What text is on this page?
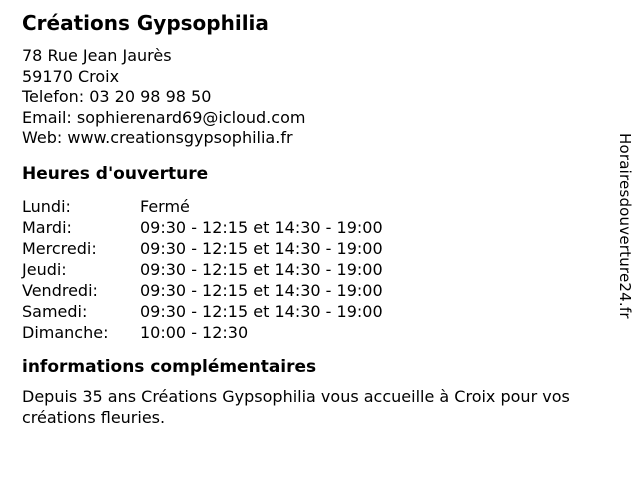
Créations Gypsophilia
78 Rue Jean Jaurès
59170 Croix
Telefon: 03 20 98 98 50
Email: sophierenard69@icloud.com
Web: www.creationsgypsophilia.fr
Heures d'ouverture
Lundi:	Fermé
Mardi:	09:30 - 12:15 et 14:30 - 19:00
Mercredi:	09:30 - 12:15 et 14:30 - 19:00
Jeudi:	09:30 - 12:15 et 14:30 - 19:00
Vendredi:	09:30 - 12:15 et 14:30 - 19:00
Samedi:	09:30 - 12:15 et 14:30 - 19:00
Dimanche:	10:00 - 12:30
informations complémentaires

Depuis 35 ans Créations Gypsophilia vous accueille à Croix pour vos créations fleuries.

Horairesdouverture24.fr
